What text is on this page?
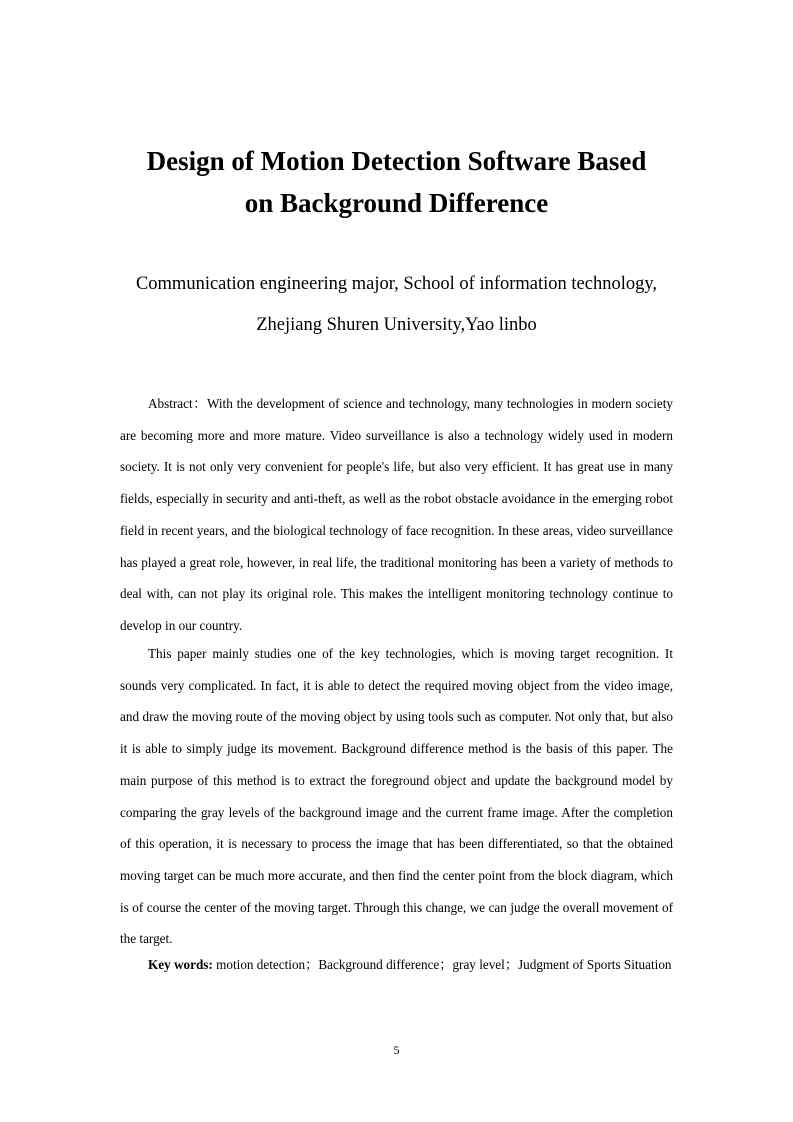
Design of Motion Detection Software Based
on Background Difference

Communication engineering major, School of information technology,

Zhejiang Shuren University,Yao linbo

Abstract：With the development of science and technology, many technologies in modern society are becoming more and more mature. Video surveillance is also a technology widely used in modern society. It is not only very convenient for people's life, but also very efficient. It has great use in many fields, especially in security and anti-theft, as well as the robot obstacle avoidance in the emerging robot field in recent years, and the biological technology of face recognition. In these areas, video surveillance has played a great role, however, in real life, the traditional monitoring has been a variety of methods to deal with, can not play its original role. This makes the intelligent monitoring technology continue to develop in our country.

This paper mainly studies one of the key technologies, which is moving target recognition. It sounds very complicated. In fact, it is able to detect the required moving object from the video image, and draw the moving route of the moving object by using tools such as computer. Not only that, but also it is able to simply judge its movement. Background difference method is the basis of this paper. The main purpose of this method is to extract the foreground object and update the background model by comparing the gray levels of the background image and the current frame image. After the completion of this operation, it is necessary to process the image that has been differentiated, so that the obtained moving target can be much more accurate, and then find the center point from the block diagram, which is of course the center of the moving target. Through this change, we can judge the overall movement of the target.

Key words: motion detection；Background difference；gray level；Judgment of Sports Situation

5
